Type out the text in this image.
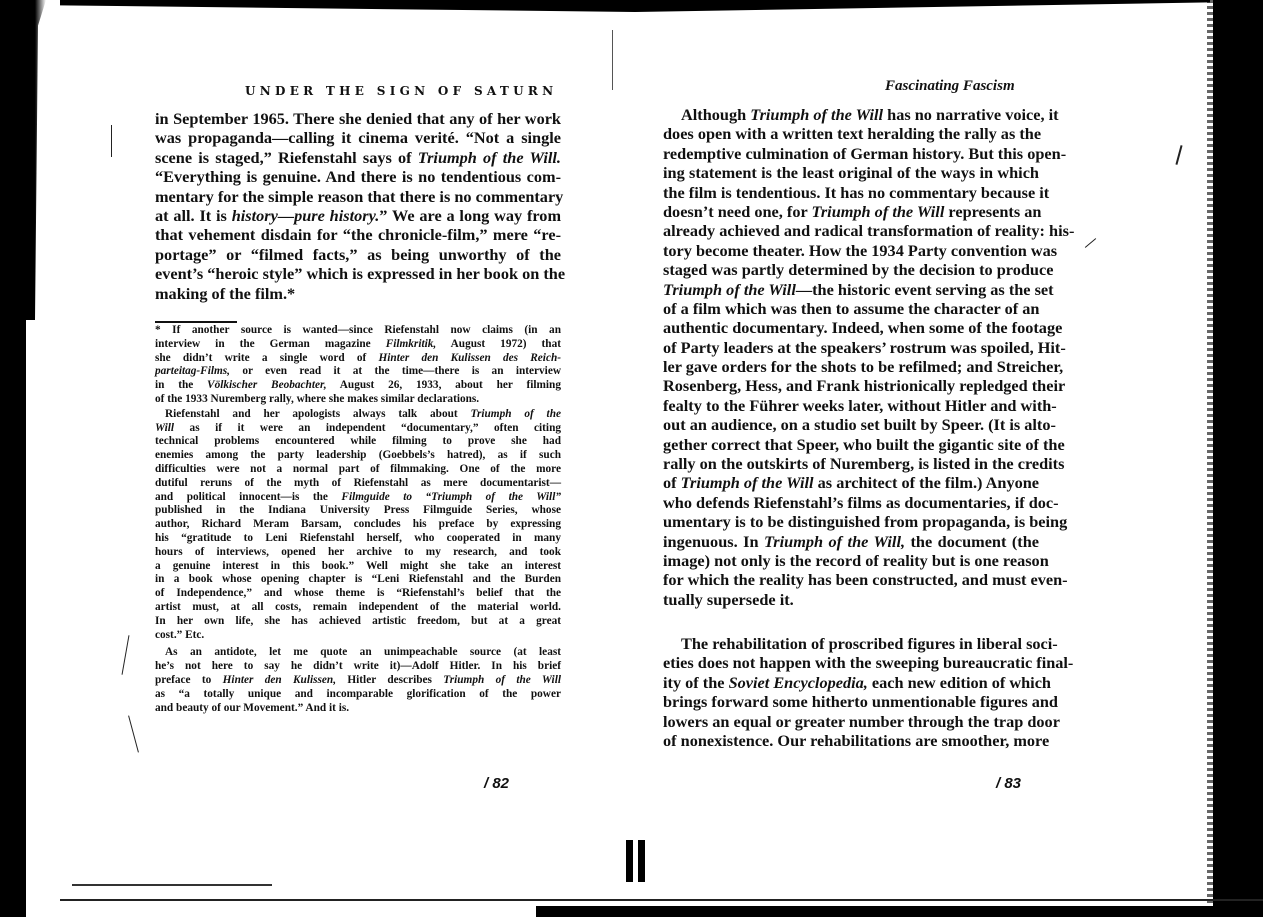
UNDER THE SIGN OF SATURN
in September 1965. There she denied that any of her work
was propaganda—calling it cinema verité. “Not a single
scene is staged,” Riefenstahl says of Triumph of the Will.
“Everything is genuine. And there is no tendentious com-
mentary for the simple reason that there is no commentary
at all. It is history—pure history.” We are a long way from
that vehement disdain for “the chronicle-film,” mere “re-
portage” or “filmed facts,” as being unworthy of the
event’s “heroic style” which is expressed in her book on the
making of the film.*
* If another source is wanted—since Riefenstahl now claims (in an
interview in the German magazine Filmkritik, August 1972) that
she didn’t write a single word of Hinter den Kulissen des Reich-
parteitag-Films, or even read it at the time—there is an interview
in the Völkischer Beobachter, August 26, 1933, about her filming
of the 1933 Nuremberg rally, where she makes similar declarations.
Riefenstahl and her apologists always talk about Triumph of the
Will as if it were an independent “documentary,” often citing
technical problems encountered while filming to prove she had
enemies among the party leadership (Goebbels’s hatred), as if such
difficulties were not a normal part of filmmaking. One of the more
dutiful reruns of the myth of Riefenstahl as mere documentarist—
and political innocent—is the Filmguide to “Triumph of the Will”
published in the Indiana University Press Filmguide Series, whose
author, Richard Meram Barsam, concludes his preface by expressing
his “gratitude to Leni Riefenstahl herself, who cooperated in many
hours of interviews, opened her archive to my research, and took
a genuine interest in this book.” Well might she take an interest
in a book whose opening chapter is “Leni Riefenstahl and the Burden
of Independence,” and whose theme is “Riefenstahl’s belief that the
artist must, at all costs, remain independent of the material world.
In her own life, she has achieved artistic freedom, but at a great
cost.” Etc.
As an antidote, let me quote an unimpeachable source (at least
he’s not here to say he didn’t write it)—Adolf Hitler. In his brief
preface to Hinter den Kulissen, Hitler describes Triumph of the Will
as “a totally unique and incomparable glorification of the power
and beauty of our Movement.” And it is.
/ 82
Fascinating Fascism
Although Triumph of the Will has no narrative voice, it
does open with a written text heralding the rally as the
redemptive culmination of German history. But this open-
ing statement is the least original of the ways in which
the film is tendentious. It has no commentary because it
doesn’t need one, for Triumph of the Will represents an
already achieved and radical transformation of reality: his-
tory become theater. How the 1934 Party convention was
staged was partly determined by the decision to produce
Triumph of the Will—the historic event serving as the set
of a film which was then to assume the character of an
authentic documentary. Indeed, when some of the footage
of Party leaders at the speakers’ rostrum was spoiled, Hit-
ler gave orders for the shots to be refilmed; and Streicher,
Rosenberg, Hess, and Frank histrionically repledged their
fealty to the Führer weeks later, without Hitler and with-
out an audience, on a studio set built by Speer. (It is alto-
gether correct that Speer, who built the gigantic site of the
rally on the outskirts of Nuremberg, is listed in the credits
of Triumph of the Will as architect of the film.) Anyone
who defends Riefenstahl’s films as documentaries, if doc-
umentary is to be distinguished from propaganda, is being
ingenuous. In Triumph of the Will, the document (the
image) not only is the record of reality but is one reason
for which the reality has been constructed, and must even-
tually supersede it.
The rehabilitation of proscribed figures in liberal soci-
eties does not happen with the sweeping bureaucratic final-
ity of the Soviet Encyclopedia, each new edition of which
brings forward some hitherto unmentionable figures and
lowers an equal or greater number through the trap door
of nonexistence. Our rehabilitations are smoother, more
/ 83
